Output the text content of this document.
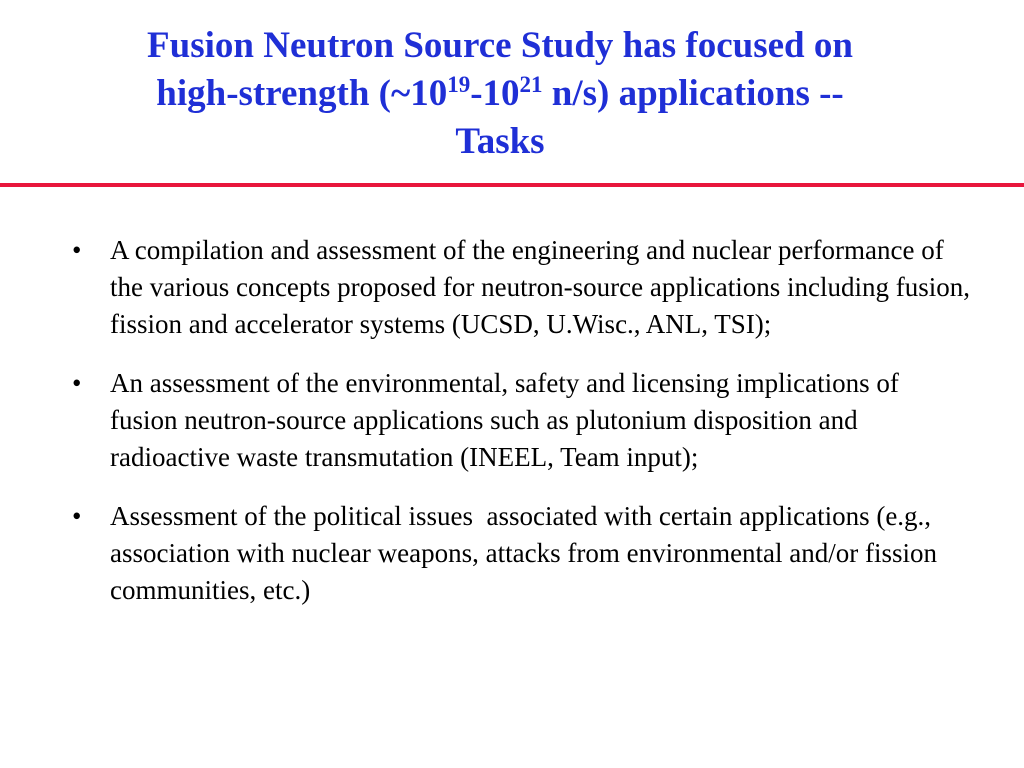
Fusion Neutron Source Study has focused on
high-strength ($\sim 10^{19}-10^{21}$ n/s) applications --
Tasks
• A compilation and assessment of the engineering and nuclear performance of the various concepts proposed for neutron-source applications including fusion, fission and accelerator systems (UCSD, U.Wisc., ANL, TSI);
• An assessment of the environmental, safety and licensing implications of fusion neutron-source applications such as plutonium disposition and radioactive waste transmutation (INEEL, Team input);
• Assessment of the political issues  associated with certain applications (e.g., association with nuclear weapons, attacks from environmental and/or fission communities, etc.)
